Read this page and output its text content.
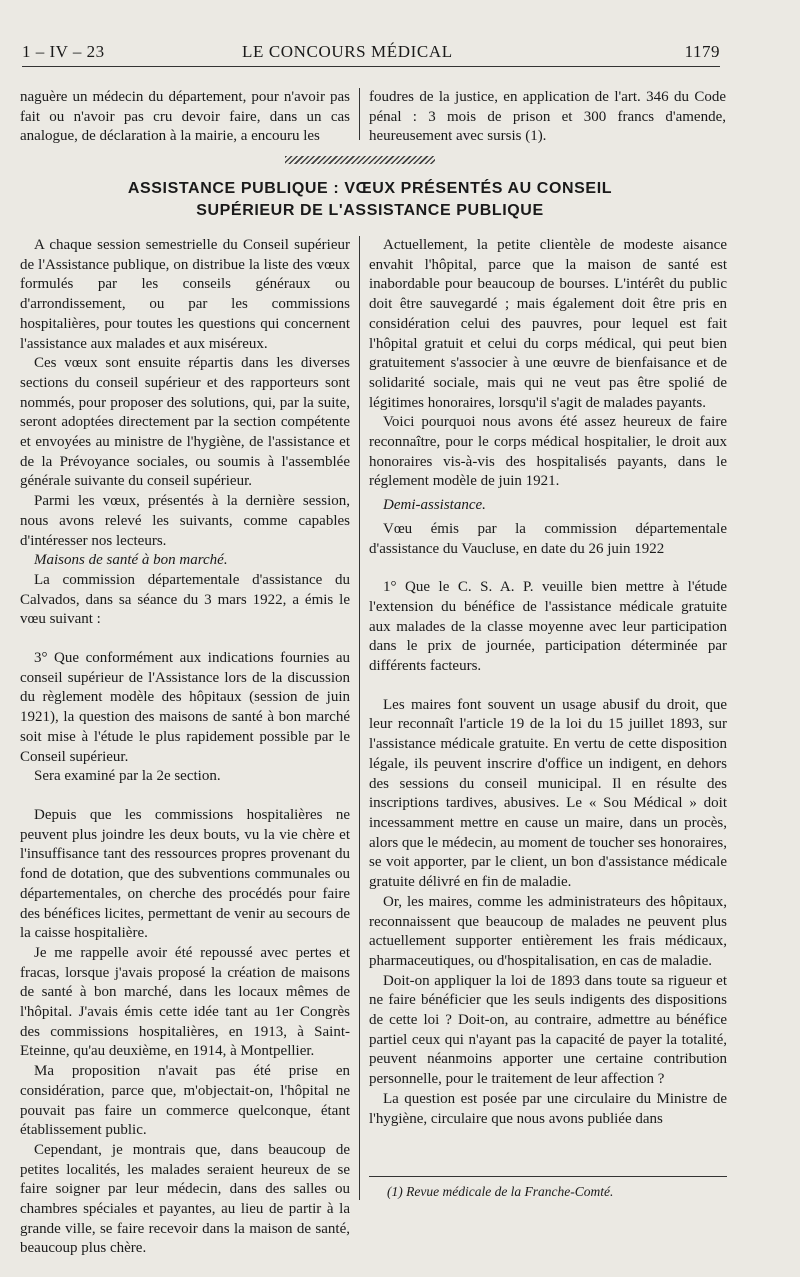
1 – IV – 23	LE CONCOURS MÉDICAL	1179

naguère un médecin du département, pour n'avoir pas fait ou n'avoir pas cru devoir faire, dans un cas analogue, de déclaration à la mairie, a encouru les

foudres de la justice, en application de l'art. 346 du Code pénal : 3 mois de prison et 300 francs d'amende, heureusement avec sursis (1).

ASSISTANCE PUBLIQUE : VŒUX PRÉSENTÉS AU CONSEIL
SUPÉRIEUR DE L'ASSISTANCE PUBLIQUE

A chaque session semestrielle du Conseil supérieur de l'Assistance publique, on distribue la liste des vœux formulés par les conseils généraux ou d'arrondissement, ou par les commissions hospitalières, pour toutes les questions qui concernent l'assistance aux malades et aux miséreux.

Ces vœux sont ensuite répartis dans les diverses sections du conseil supérieur et des rapporteurs sont nommés, pour proposer des solutions, qui, par la suite, seront adoptées directement par la section compétente et envoyées au ministre de l'hygiène, de l'assistance et de la Prévoyance sociales, ou soumis à l'assemblée générale suivante du conseil supérieur.

Parmi les vœux, présentés à la dernière session, nous avons relevé les suivants, comme capables d'intéresser nos lecteurs.

Maisons de santé à bon marché.

La commission départementale d'assistance du Calvados, dans sa séance du 3 mars 1922, a émis le vœu suivant :

3° Que conformément aux indications fournies au conseil supérieur de l'Assistance lors de la discussion du règlement modèle des hôpitaux (session de juin 1921), la question des maisons de santé à bon marché soit mise à l'étude le plus rapidement possible par le Conseil supérieur.

Sera examiné par la 2e section.

Depuis que les commissions hospitalières ne peuvent plus joindre les deux bouts, vu la vie chère et l'insuffisance tant des ressources propres provenant du fond de dotation, que des subventions communales ou départementales, on cherche des procédés pour faire des bénéfices licites, permettant de venir au secours de la caisse hospitalière.

Je me rappelle avoir été repoussé avec pertes et fracas, lorsque j'avais proposé la création de maisons de santé à bon marché, dans les locaux mêmes de l'hôpital. J'avais émis cette idée tant au 1er Congrès des commissions hospitalières, en 1913, à Saint-Eteinne, qu'au deuxième, en 1914, à Montpellier.

Ma proposition n'avait pas été prise en considération, parce que, m'objectait-on, l'hôpital ne pouvait pas faire un commerce quelconque, étant établissement public.

Cependant, je montrais que, dans beaucoup de petites localités, les malades seraient heureux de se faire soigner par leur médecin, dans des salles ou chambres spéciales et payantes, au lieu de partir à la grande ville, se faire recevoir dans la maison de santé, beaucoup plus chère.

Actuellement, la petite clientèle de modeste aisance envahit l'hôpital, parce que la maison de santé est inabordable pour beaucoup de bourses. L'intérêt du public doit être sauvegardé ; mais également doit être pris en considération celui des pauvres, pour lequel est fait l'hôpital gratuit et celui du corps médical, qui peut bien gratuitement s'associer à une œuvre de bienfaisance et de solidarité sociale, mais qui ne veut pas être spolié de légitimes honoraires, lorsqu'il s'agit de malades payants.

Voici pourquoi nous avons été assez heureux de faire reconnaître, pour le corps médical hospitalier, le droit aux honoraires vis-à-vis des hospitalisés payants, dans le réglement modèle de juin 1921.

Demi-assistance.

Vœu émis par la commission départementale d'assistance du Vaucluse, en date du 26 juin 1922

1° Que le C. S. A. P. veuille bien mettre à l'étude l'extension du bénéfice de l'assistance médicale gratuite aux malades de la classe moyenne avec leur participation dans le prix de journée, participation déterminée par différents facteurs.

Les maires font souvent un usage abusif du droit, que leur reconnaît l'article 19 de la loi du 15 juillet 1893, sur l'assistance médicale gratuite. En vertu de cette disposition légale, ils peuvent inscrire d'office un indigent, en dehors des sessions du conseil municipal. Il en résulte des inscriptions tardives, abusives. Le « Sou Médical » doit incessamment mettre en cause un maire, dans un procès, alors que le médecin, au moment de toucher ses honoraires, se voit apporter, par le client, un bon d'assistance médicale gratuite délivré en fin de maladie.

Or, les maires, comme les administrateurs des hôpitaux, reconnaissent que beaucoup de malades ne peuvent plus actuellement supporter entièrement les frais médicaux, pharmaceutiques, ou d'hospitalisation, en cas de maladie.

Doit-on appliquer la loi de 1893 dans toute sa rigueur et ne faire bénéficier que les seuls indigents des dispositions de cette loi ? Doit-on, au contraire, admettre au bénéfice partiel ceux qui n'ayant pas la capacité de payer la totalité, peuvent néanmoins apporter une certaine contribution personnelle, pour le traitement de leur affection ?

La question est posée par une circulaire du Ministre de l'hygiène, circulaire que nous avons publiée dans

(1) Revue médicale de la Franche-Comté.
